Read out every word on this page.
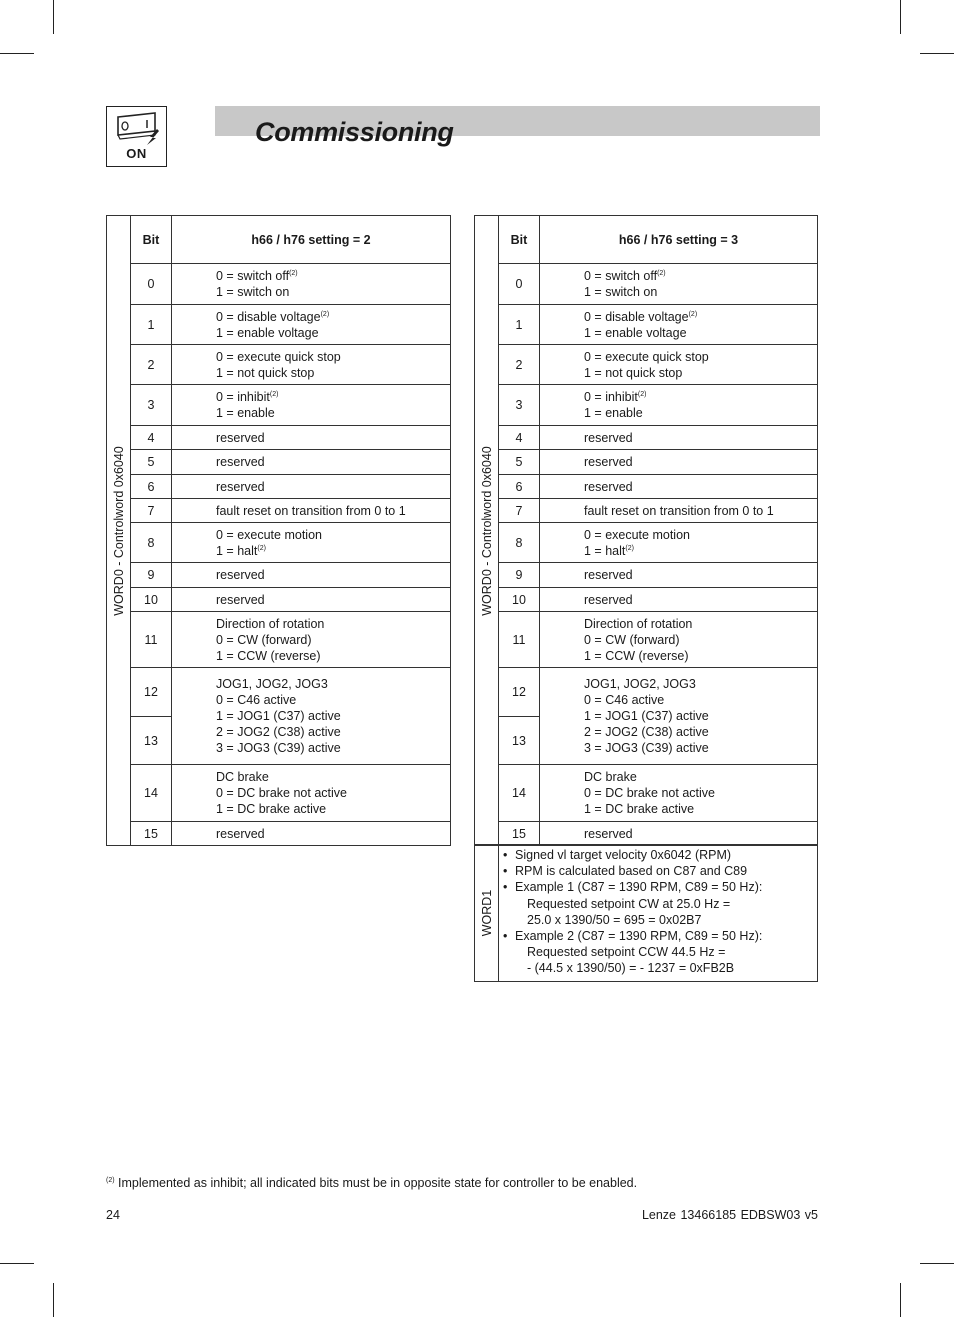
ON
Commissioning
WORD0 - Controlword 0x6040	Bit	h66 / h76 setting = 2
	0	0 = switch off$^{(2)}$
1 = switch on

	1	0 = disable voltage$^{(2)}$
1 = enable voltage

	2	0 = execute quick stop
1 = not quick stop

	3	0 = inhibit$^{(2)}$
1 = enable

	4	reserved

	5	reserved

	6	reserved

	7	fault reset on transition from 0 to 1

	8	0 = execute motion
1 = halt$^{(2)}$

	9	reserved

	10	reserved

	11	Direction of rotation
0 = CW (forward)
1 = CCW (reverse)

	12	JOG1, JOG2, JOG3
0 = C46 active
1 = JOG1 (C37) active
2 = JOG2 (C38) active
3 = JOG3 (C39) active

	13	
	14	DC brake
0 = DC brake not active
1 = DC brake active

	15	reserved
WORD0 - Controlword 0x6040	Bit	h66 / h76 setting = 3
	0	0 = switch off$^{(2)}$
1 = switch on

	1	0 = disable voltage$^{(2)}$
1 = enable voltage

	2	0 = execute quick stop
1 = not quick stop

	3	0 = inhibit$^{(2)}$
1 = enable

	4	reserved

	5	reserved

	6	reserved

	7	fault reset on transition from 0 to 1

	8	0 = execute motion
1 = halt$^{(2)}$

	9	reserved

	10	reserved

	11	Direction of rotation
0 = CW (forward)
1 = CCW (reverse)

	12	JOG1, JOG2, JOG3
0 = C46 active
1 = JOG1 (C37) active
2 = JOG2 (C38) active
3 = JOG3 (C39) active

	13	
	14	DC brake
0 = DC brake not active
1 = DC brake active

	15	reserved
WORD1
• Signed vl target velocity 0x6042 (RPM)
• RPM is calculated based on C87 and C89
• Example 1 (C87 = 1390 RPM, C89 = 50 Hz):
Requested setpoint CW at 25.0 Hz =
25.0 x 1390/50 = 695 = 0x02B7
• Example 2 (C87 = 1390 RPM, C89 = 50 Hz):
Requested setpoint CCW 44.5 Hz =
- (44.5 x 1390/50) = - 1237 = 0xFB2B
$^{(2)}$ Implemented as inhibit; all indicated bits must be in opposite state for controller to be enabled.
24	Lenze 13466185 EDBSW03 v5
